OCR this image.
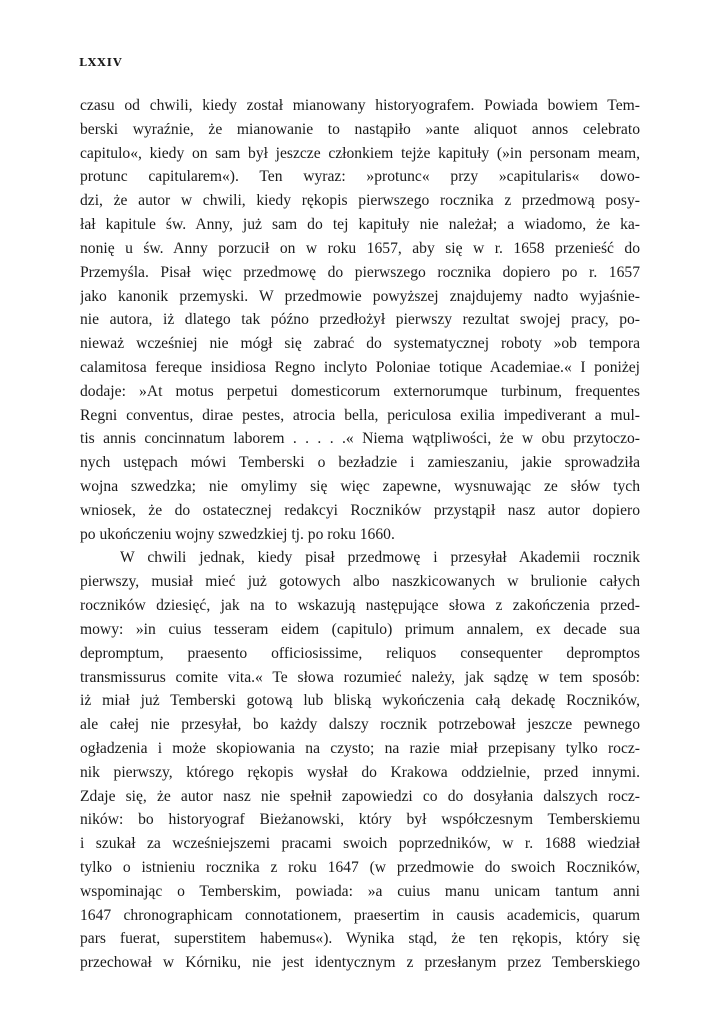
LXXIV
czasu od chwili, kiedy został mianowany historyografem. Powiada bowiem Tem-
berski wyraźnie, że mianowanie to nastąpiło »ante aliquot annos celebrato
capitulo«, kiedy on sam był jeszcze członkiem tejże kapituły (»in personam meam,
protunc capitularem«). Ten wyraz: »protunc« przy »capitularis« dowo-
dzi, że autor w chwili, kiedy rękopis pierwszego rocznika z przedmową posy-
łał kapitule św. Anny, już sam do tej kapituły nie należał; a wiadomo, że ka-
nonię u św. Anny porzucił on w roku 1657, aby się w r. 1658 przenieść do
Przemyśla. Pisał więc przedmowę do pierwszego rocznika dopiero po r. 1657
jako kanonik przemyski. W przedmowie powyższej znajdujemy nadto wyjaśnie-
nie autora, iż dlatego tak późno przedłożył pierwszy rezultat swojej pracy, po-
nieważ wcześniej nie mógł się zabrać do systematycznej roboty »ob tempora
calamitosa fereque insidiosa Regno inclyto Poloniae totique Academiae.« I poniżej
dodaje: »At motus perpetui domesticorum externorumque turbinum, frequentes
Regni conventus, dirae pestes, atrocia bella, periculosa exilia impediverant a mul-
tis annis concinnatum laborem . . . . .« Niema wątpliwości, że w obu przytoczo-
nych ustępach mówi Temberski o bezładzie i zamieszaniu, jakie sprowadziła
wojna szwedzka; nie omylimy się więc zapewne, wysnuwając ze słów tych
wniosek, że do ostatecznej redakcyi Roczników przystąpił nasz autor dopiero
po ukończeniu wojny szwedzkiej tj. po roku 1660.
W chwili jednak, kiedy pisał przedmowę i przesyłał Akademii rocznik
pierwszy, musiał mieć już gotowych albo naszkicowanych w brulionie całych
roczników dziesięć, jak na to wskazują następujące słowa z zakończenia przed-
mowy: »in cuius tesseram eidem (capitulo) primum annalem, ex decade sua
depromptum, praesento officiosissime, reliquos consequenter depromptos
transmissurus comite vita.« Te słowa rozumieć należy, jak sądzę w tem sposób:
iż miał już Temberski gotową lub bliską wykończenia całą dekadę Roczników,
ale całej nie przesyłał, bo każdy dalszy rocznik potrzebował jeszcze pewnego
ogładzenia i może skopiowania na czysto; na razie miał przepisany tylko rocz-
nik pierwszy, którego rękopis wysłał do Krakowa oddzielnie, przed innymi.
Zdaje się, że autor nasz nie spełnił zapowiedzi co do dosyłania dalszych rocz-
ników: bo historyograf Bieżanowski, który był współczesnym Temberskiemu
i szukał za wcześniejszemi pracami swoich poprzedników, w r. 1688 wiedział
tylko o istnieniu rocznika z roku 1647 (w przedmowie do swoich Roczników,
wspominając o Temberskim, powiada: »a cuius manu unicam tantum anni
1647 chronographicam connotationem, praesertim in causis academicis, quarum
pars fuerat, superstitem habemus«). Wynika stąd, że ten rękopis, który się
przechował w Kórniku, nie jest identycznym z przesłanym przez Temberskiego
